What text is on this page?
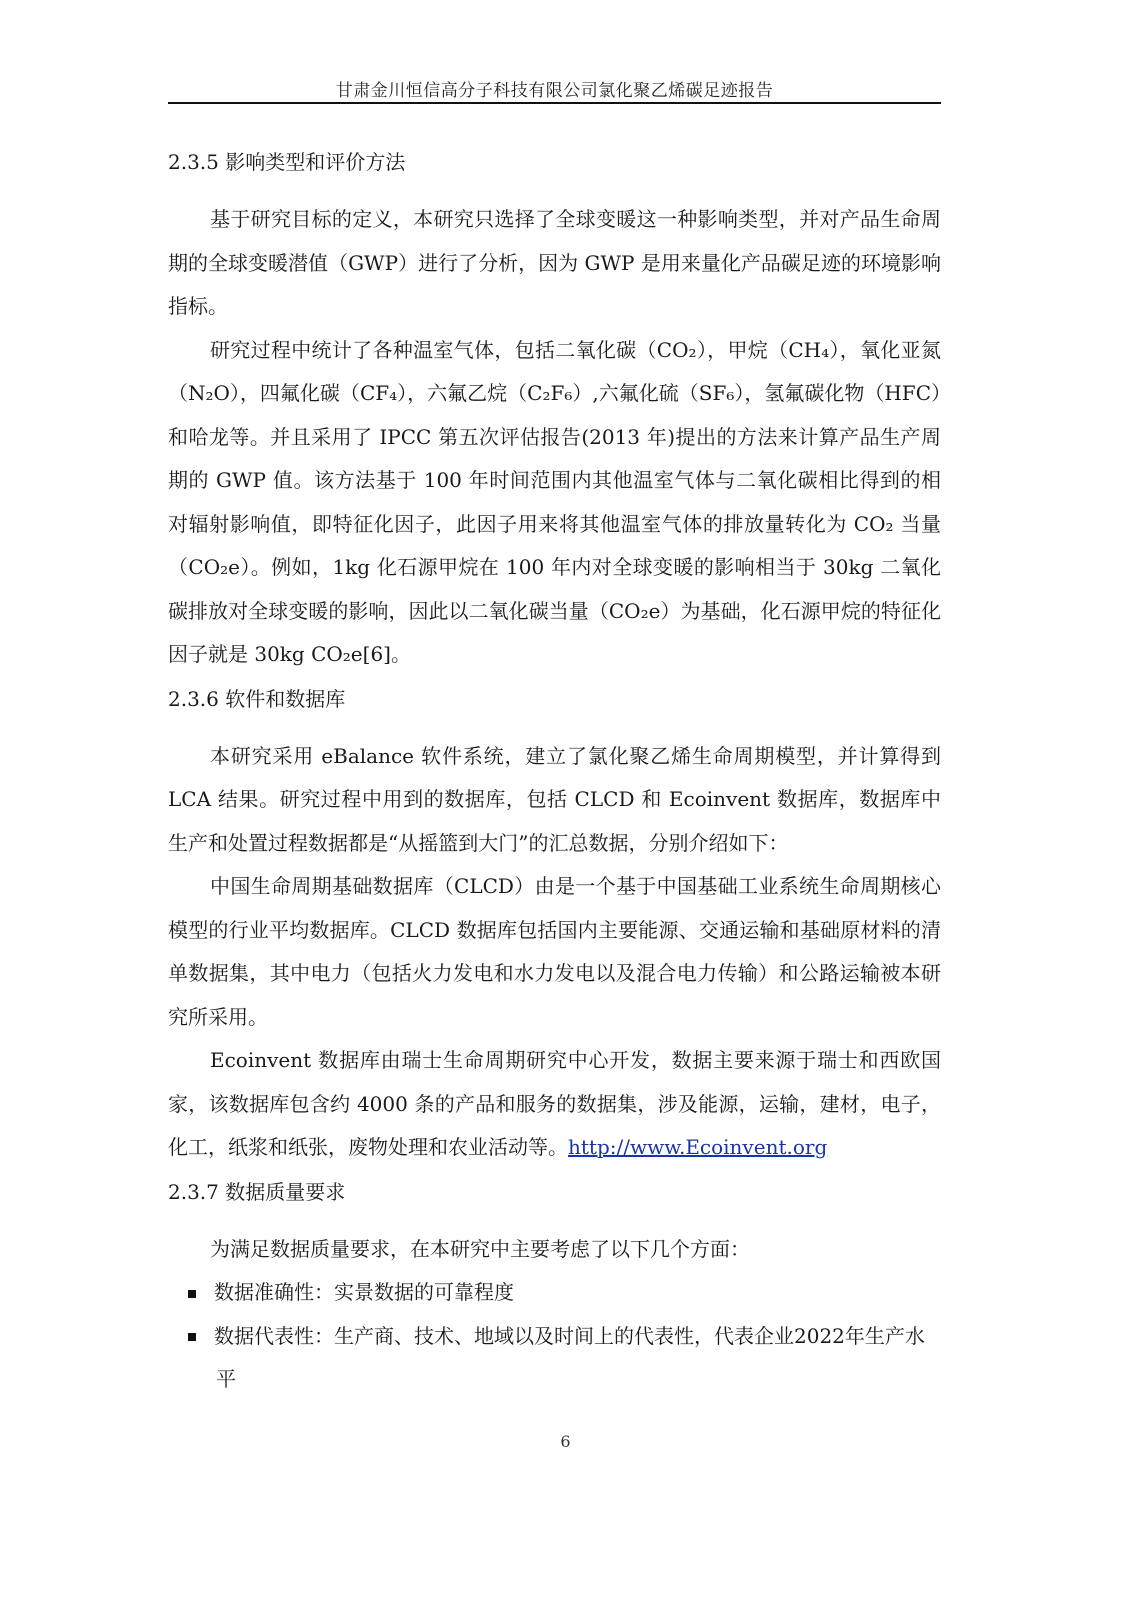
甘肃金川恒信高分子科技有限公司氯化聚乙烯碳足迹报告
2.3.5 影响类型和评价方法

基于研究目标的定义，本研究只选择了全球变暖这一种影响类型，并对产品生命周期的全球变暖潜值（GWP）进行了分析，因为 GWP 是用来量化产品碳足迹的环境影响指标。

研究过程中统计了各种温室气体，包括二氧化碳（CO₂），甲烷（CH₄），氧化亚氮（N₂O），四氟化碳（CF₄），六氟乙烷（C₂F₆）,六氟化硫（SF₆），氢氟碳化物（HFC）和哈龙等。并且采用了 IPCC 第五次评估报告(2013 年)提出的方法来计算产品生产周期的 GWP 值。该方法基于 100 年时间范围内其他温室气体与二氧化碳相比得到的相对辐射影响值，即特征化因子，此因子用来将其他温室气体的排放量转化为 CO₂ 当量（CO₂e）。例如，1kg 化石源甲烷在 100 年内对全球变暖的影响相当于 30kg 二氧化碳排放对全球变暖的影响，因此以二氧化碳当量（CO₂e）为基础，化石源甲烷的特征化因子就是 30kg CO₂e[6]。

2.3.6 软件和数据库

本研究采用 eBalance 软件系统，建立了氯化聚乙烯生命周期模型，并计算得到 LCA 结果。研究过程中用到的数据库，包括 CLCD 和 Ecoinvent 数据库，数据库中生产和处置过程数据都是“从摇篮到大门”的汇总数据，分别介绍如下：

中国生命周期基础数据库（CLCD）由是一个基于中国基础工业系统生命周期核心模型的行业平均数据库。CLCD 数据库包括国内主要能源、交通运输和基础原材料的清单数据集，其中电力（包括火力发电和水力发电以及混合电力传输）和公路运输被本研究所采用。

Ecoinvent 数据库由瑞士生命周期研究中心开发，数据主要来源于瑞士和西欧国家，该数据库包含约 4000 条的产品和服务的数据集，涉及能源，运输，建材，电子，化工，纸浆和纸张，废物处理和农业活动等。http://www.Ecoinvent.org

2.3.7 数据质量要求

为满足数据质量要求，在本研究中主要考虑了以下几个方面：

数据准确性：实景数据的可靠程度

数据代表性：生产商、技术、地域以及时间上的代表性，代表企业2022年生产水平

6
